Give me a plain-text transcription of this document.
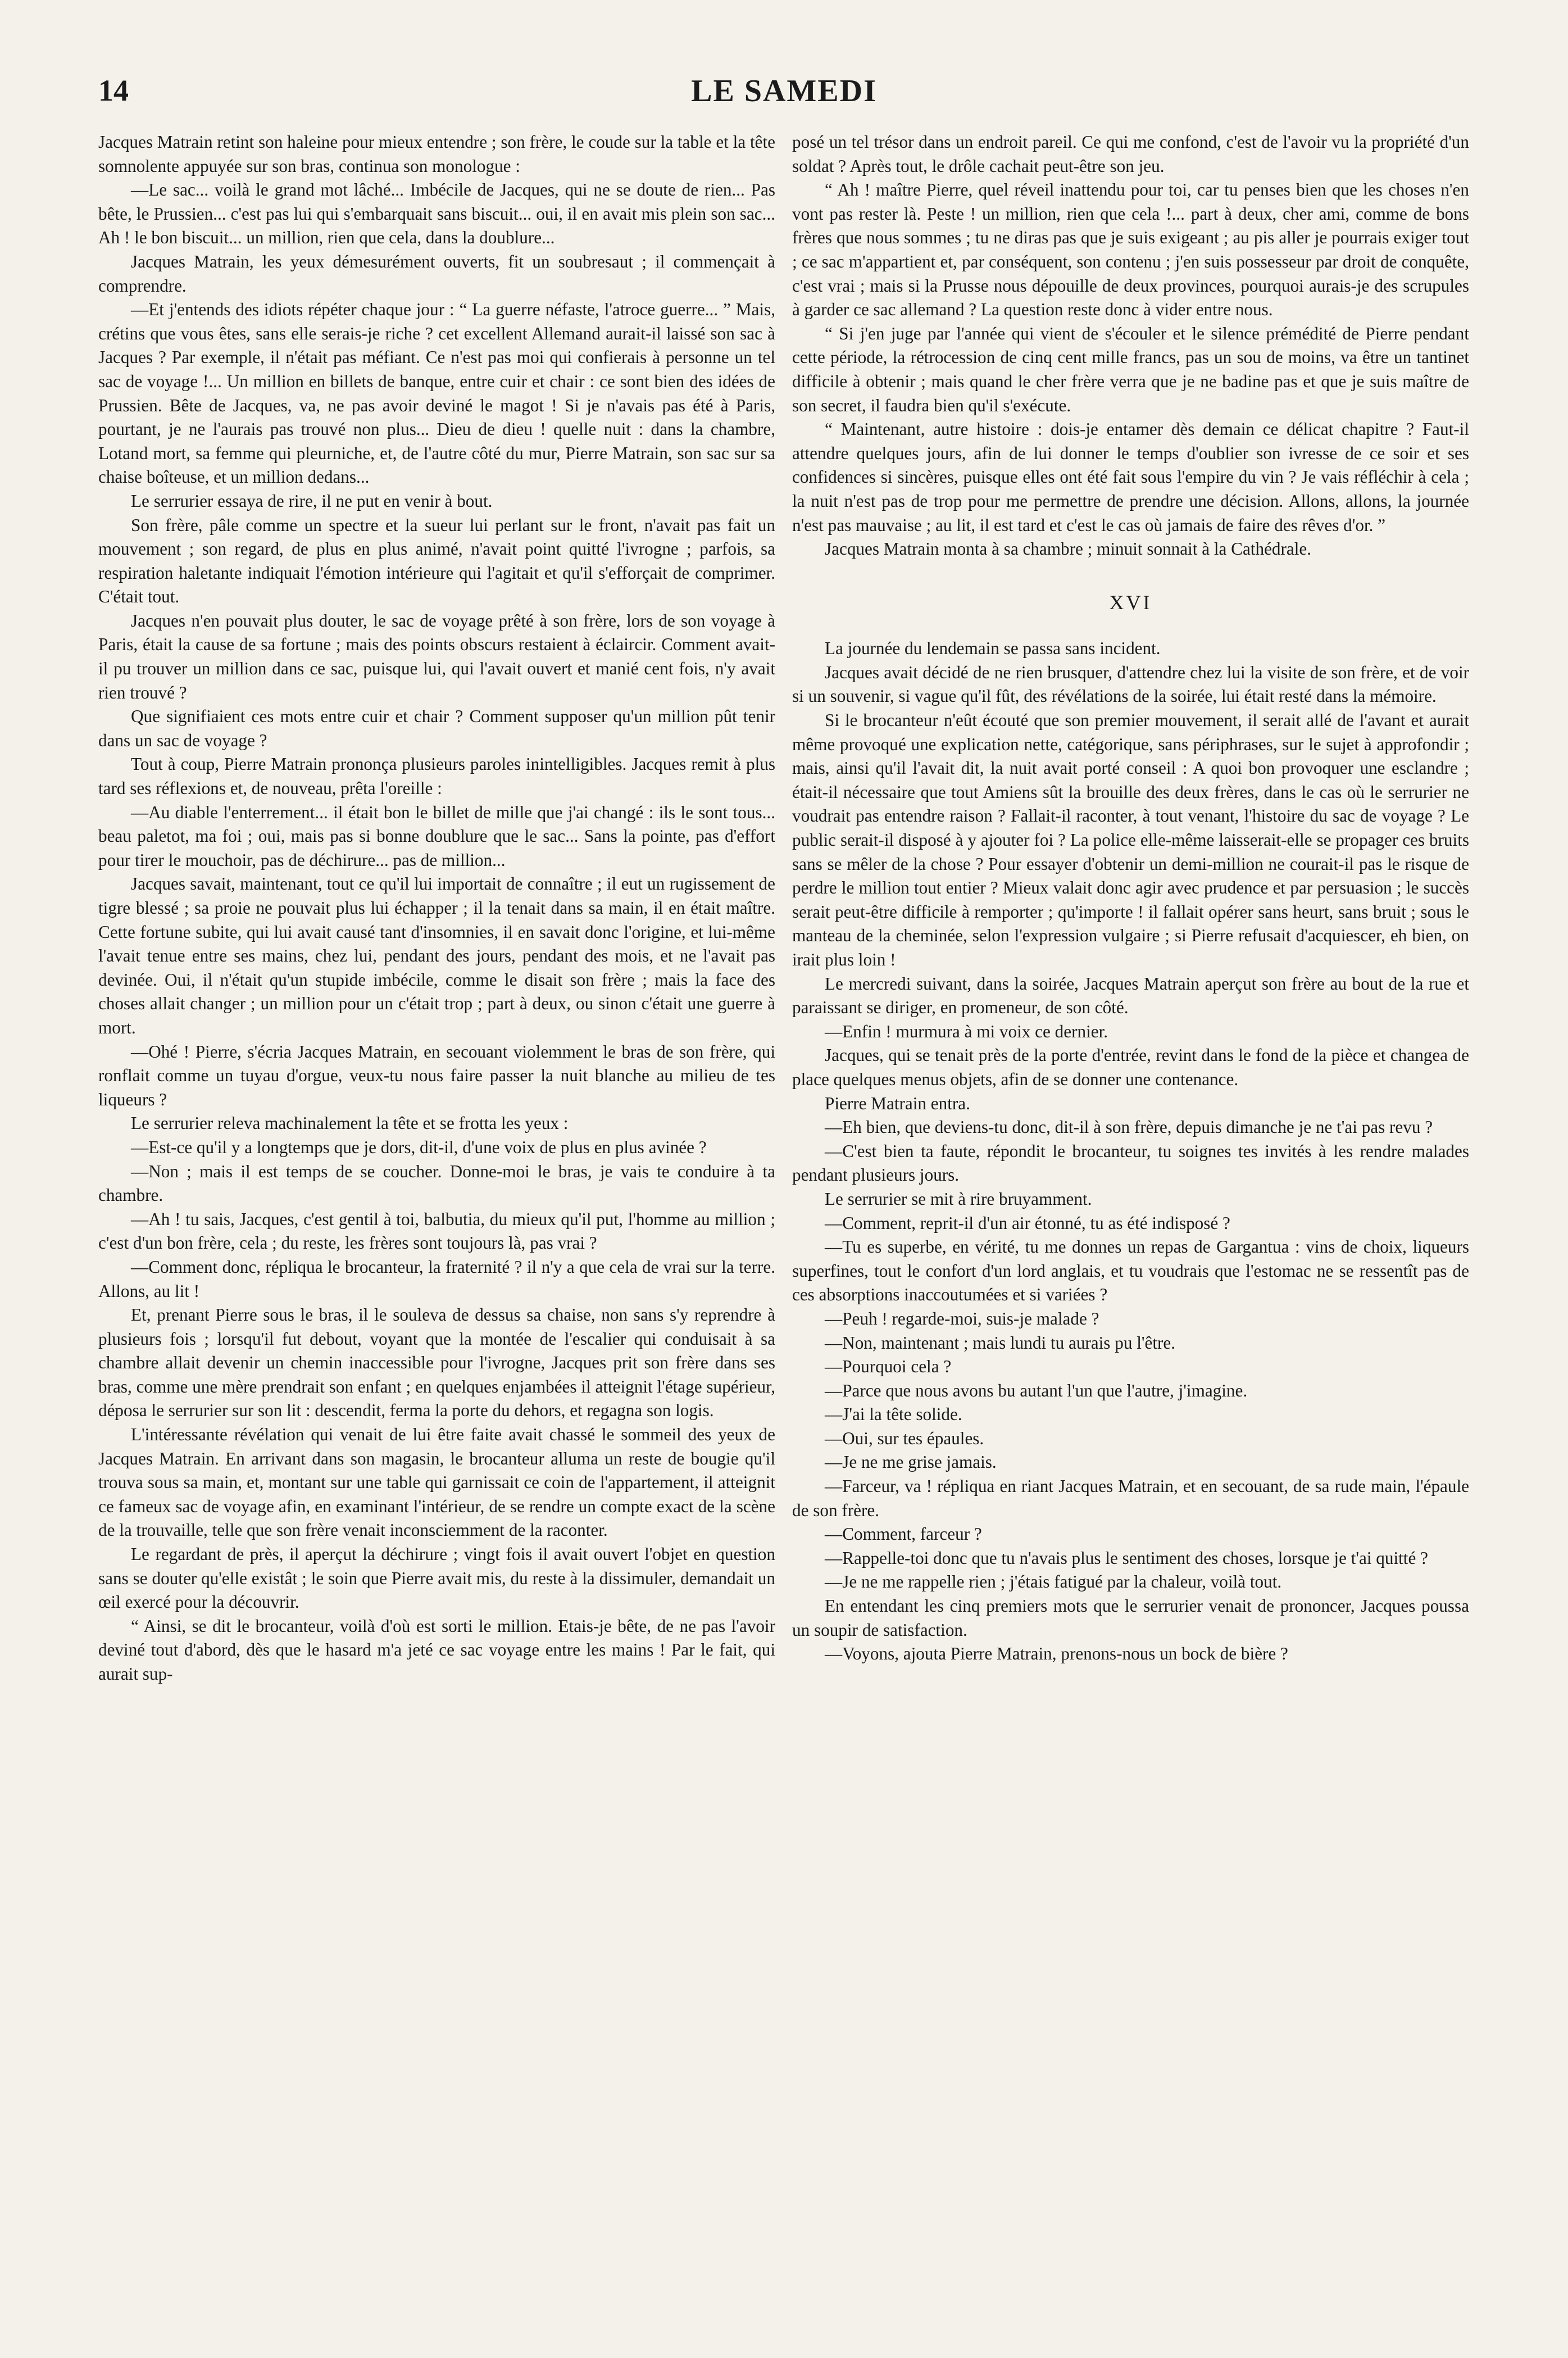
14	LE SAMEDI

Jacques Matrain retint son haleine pour mieux entendre ; son frère, le coude sur la table et la tête somnolente appuyée sur son bras, continua son monologue :

—Le sac... voilà le grand mot lâché... Imbécile de Jacques, qui ne se doute de rien... Pas bête, le Prussien... c'est pas lui qui s'embarquait sans biscuit... oui, il en avait mis plein son sac... Ah ! le bon biscuit... un million, rien que cela, dans la doublure...

Jacques Matrain, les yeux démesurément ouverts, fit un soubresaut ; il commençait à comprendre.

—Et j'entends des idiots répéter chaque jour : “ La guerre néfaste, l'atroce guerre... ” Mais, crétins que vous êtes, sans elle serais-je riche ? cet excellent Allemand aurait-il laissé son sac à Jacques ? Par exemple, il n'était pas méfiant. Ce n'est pas moi qui confierais à personne un tel sac de voyage !... Un million en billets de banque, entre cuir et chair : ce sont bien des idées de Prussien. Bête de Jacques, va, ne pas avoir deviné le magot ! Si je n'avais pas été à Paris, pourtant, je ne l'aurais pas trouvé non plus... Dieu de dieu ! quelle nuit : dans la chambre, Lotand mort, sa femme qui pleurniche, et, de l'autre côté du mur, Pierre Matrain, son sac sur sa chaise boîteuse, et un million dedans...

Le serrurier essaya de rire, il ne put en venir à bout.

Son frère, pâle comme un spectre et la sueur lui perlant sur le front, n'avait pas fait un mouvement ; son regard, de plus en plus animé, n'avait point quitté l'ivrogne ; parfois, sa respiration haletante indiquait l'émotion intérieure qui l'agitait et qu'il s'efforçait de comprimer. C'était tout.

Jacques n'en pouvait plus douter, le sac de voyage prêté à son frère, lors de son voyage à Paris, était la cause de sa fortune ; mais des points obscurs restaient à éclaircir. Comment avait-il pu trouver un million dans ce sac, puisque lui, qui l'avait ouvert et manié cent fois, n'y avait rien trouvé ?

Que signifiaient ces mots entre cuir et chair ? Comment supposer qu'un million pût tenir dans un sac de voyage ?

Tout à coup, Pierre Matrain prononça plusieurs paroles inintelligibles. Jacques remit à plus tard ses réflexions et, de nouveau, prêta l'oreille :

—Au diable l'enterrement... il était bon le billet de mille que j'ai changé : ils le sont tous... beau paletot, ma foi ; oui, mais pas si bonne doublure que le sac... Sans la pointe, pas d'effort pour tirer le mouchoir, pas de déchirure... pas de million...

Jacques savait, maintenant, tout ce qu'il lui importait de connaître ; il eut un rugissement de tigre blessé ; sa proie ne pouvait plus lui échapper ; il la tenait dans sa main, il en était maître. Cette fortune subite, qui lui avait causé tant d'insomnies, il en savait donc l'origine, et lui-même l'avait tenue entre ses mains, chez lui, pendant des jours, pendant des mois, et ne l'avait pas devinée. Oui, il n'était qu'un stupide imbécile, comme le disait son frère ; mais la face des choses allait changer ; un million pour un c'était trop ; part à deux, ou sinon c'était une guerre à mort.

—Ohé ! Pierre, s'écria Jacques Matrain, en secouant violemment le bras de son frère, qui ronflait comme un tuyau d'orgue, veux-tu nous faire passer la nuit blanche au milieu de tes liqueurs ?

Le serrurier releva machinalement la tête et se frotta les yeux :

—Est-ce qu'il y a longtemps que je dors, dit-il, d'une voix de plus en plus avinée ?

—Non ; mais il est temps de se coucher. Donne-moi le bras, je vais te conduire à ta chambre.

—Ah ! tu sais, Jacques, c'est gentil à toi, balbutia, du mieux qu'il put, l'homme au million ; c'est d'un bon frère, cela ; du reste, les frères sont toujours là, pas vrai ?

—Comment donc, répliqua le brocanteur, la fraternité ? il n'y a que cela de vrai sur la terre. Allons, au lit !

Et, prenant Pierre sous le bras, il le souleva de dessus sa chaise, non sans s'y reprendre à plusieurs fois ; lorsqu'il fut debout, voyant que la montée de l'escalier qui conduisait à sa chambre allait devenir un chemin inaccessible pour l'ivrogne, Jacques prit son frère dans ses bras, comme une mère prendrait son enfant ; en quelques enjambées il atteignit l'étage supérieur, déposa le serrurier sur son lit : descendit, ferma la porte du dehors, et regagna son logis.

L'intéressante révélation qui venait de lui être faite avait chassé le sommeil des yeux de Jacques Matrain. En arrivant dans son magasin, le brocanteur alluma un reste de bougie qu'il trouva sous sa main, et, montant sur une table qui garnissait ce coin de l'appartement, il atteignit ce fameux sac de voyage afin, en examinant l'intérieur, de se rendre un compte exact de la scène de la trouvaille, telle que son frère venait inconsciemment de la raconter.

Le regardant de près, il aperçut la déchirure ; vingt fois il avait ouvert l'objet en question sans se douter qu'elle existât ; le soin que Pierre avait mis, du reste à la dissimuler, demandait un œil exercé pour la découvrir.

“ Ainsi, se dit le brocanteur, voilà d'où est sorti le million. Etais-je bête, de ne pas l'avoir deviné tout d'abord, dès que le hasard m'a jeté ce sac voyage entre les mains ! Par le fait, qui aurait sup-

posé un tel trésor dans un endroit pareil. Ce qui me confond, c'est de l'avoir vu la propriété d'un soldat ? Après tout, le drôle cachait peut-être son jeu.

“ Ah ! maître Pierre, quel réveil inattendu pour toi, car tu penses bien que les choses n'en vont pas rester là. Peste ! un million, rien que cela !... part à deux, cher ami, comme de bons frères que nous sommes ; tu ne diras pas que je suis exigeant ; au pis aller je pourrais exiger tout ; ce sac m'appartient et, par conséquent, son contenu ; j'en suis possesseur par droit de conquête, c'est vrai ; mais si la Prusse nous dépouille de deux provinces, pourquoi aurais-je des scrupules à garder ce sac allemand ? La question reste donc à vider entre nous.

“ Si j'en juge par l'année qui vient de s'écouler et le silence prémédité de Pierre pendant cette période, la rétrocession de cinq cent mille francs, pas un sou de moins, va être un tantinet difficile à obtenir ; mais quand le cher frère verra que je ne badine pas et que je suis maître de son secret, il faudra bien qu'il s'exécute.

“ Maintenant, autre histoire : dois-je entamer dès demain ce délicat chapitre ? Faut-il attendre quelques jours, afin de lui donner le temps d'oublier son ivresse de ce soir et ses confidences si sincères, puisque elles ont été fait sous l'empire du vin ? Je vais réfléchir à cela ; la nuit n'est pas de trop pour me permettre de prendre une décision. Allons, allons, la journée n'est pas mauvaise ; au lit, il est tard et c'est le cas où jamais de faire des rêves d'or. ”

Jacques Matrain monta à sa chambre ; minuit sonnait à la Cathédrale.

XVI

La journée du lendemain se passa sans incident.

Jacques avait décidé de ne rien brusquer, d'attendre chez lui la visite de son frère, et de voir si un souvenir, si vague qu'il fût, des révélations de la soirée, lui était resté dans la mémoire.

Si le brocanteur n'eût écouté que son premier mouvement, il serait allé de l'avant et aurait même provoqué une explication nette, catégorique, sans périphrases, sur le sujet à approfondir ; mais, ainsi qu'il l'avait dit, la nuit avait porté conseil : A quoi bon provoquer une esclandre ; était-il nécessaire que tout Amiens sût la brouille des deux frères, dans le cas où le serrurier ne voudrait pas entendre raison ? Fallait-il raconter, à tout venant, l'histoire du sac de voyage ? Le public serait-il disposé à y ajouter foi ? La police elle-même laisserait-elle se propager ces bruits sans se mêler de la chose ? Pour essayer d'obtenir un demi-million ne courait-il pas le risque de perdre le million tout entier ? Mieux valait donc agir avec prudence et par persuasion ; le succès serait peut-être difficile à remporter ; qu'importe ! il fallait opérer sans heurt, sans bruit ; sous le manteau de la cheminée, selon l'expression vulgaire ; si Pierre refusait d'acquiescer, eh bien, on irait plus loin !

Le mercredi suivant, dans la soirée, Jacques Matrain aperçut son frère au bout de la rue et paraissant se diriger, en promeneur, de son côté.

—Enfin ! murmura à mi voix ce dernier.

Jacques, qui se tenait près de la porte d'entrée, revint dans le fond de la pièce et changea de place quelques menus objets, afin de se donner une contenance.

Pierre Matrain entra.

—Eh bien, que deviens-tu donc, dit-il à son frère, depuis dimanche je ne t'ai pas revu ?

—C'est bien ta faute, répondit le brocanteur, tu soignes tes invités à les rendre malades pendant plusieurs jours.

Le serrurier se mit à rire bruyamment.

—Comment, reprit-il d'un air étonné, tu as été indisposé ?

—Tu es superbe, en vérité, tu me donnes un repas de Gargantua : vins de choix, liqueurs superfines, tout le confort d'un lord anglais, et tu voudrais que l'estomac ne se ressentît pas de ces absorptions inaccoutumées et si variées ?

—Peuh ! regarde-moi, suis-je malade ?

—Non, maintenant ; mais lundi tu aurais pu l'être.

—Pourquoi cela ?

—Parce que nous avons bu autant l'un que l'autre, j'imagine.

—J'ai la tête solide.

—Oui, sur tes épaules.

—Je ne me grise jamais.

—Farceur, va ! répliqua en riant Jacques Matrain, et en secouant, de sa rude main, l'épaule de son frère.

—Comment, farceur ?

—Rappelle-toi donc que tu n'avais plus le sentiment des choses, lorsque je t'ai quitté ?

—Je ne me rappelle rien ; j'étais fatigué par la chaleur, voilà tout.

En entendant les cinq premiers mots que le serrurier venait de prononcer, Jacques poussa un soupir de satisfaction.

—Voyons, ajouta Pierre Matrain, prenons-nous un bock de bière ?
